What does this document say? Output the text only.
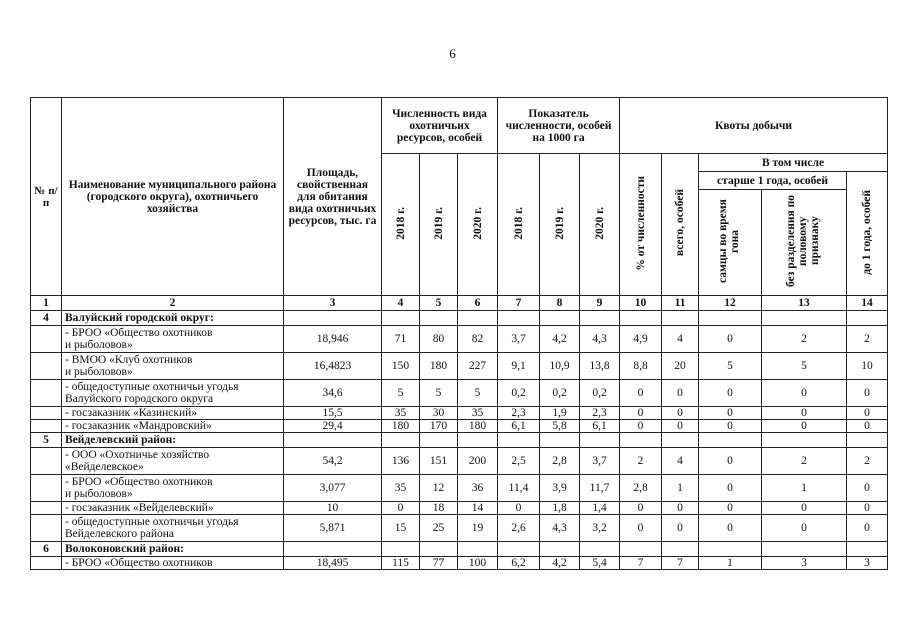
6
№ п/п	Наименование муниципального района (городского округа), охотничьего хозяйства	Площадь, свойственная для обитания вида охотничьих ресурсов, тыс. га	Численность вида охотничьих ресурсов, особей			Показатель численности, особей на 1000 га			Квоты добычи				
			2018 г.	2019 г.	2020 г.	2018 г.	2019 г.	2020 г.	% от численности	всего, особей	В том числе		
											старше 1 года, особей		до 1 года, особей
											самцы во время гона	без разделения по половому признаку	
1	2	3	4	5	6	7	8	9	10	11	12	13	14
4	Валуйский городской округ:												

	- БРОО «Общество охотников
и рыболовов»	18,946	71	80	82	3,7	4,2	4,3	4,9	4	0	2	2

	- ВМОО «Клуб охотников
и рыболовов»	16,4823	150	180	227	9,1	10,9	13,8	8,8	20	5	5	10

	- общедоступные охотничьи угодья
Валуйского городского округа	34,6	5	5	5	0,2	0,2	0,2	0	0	0	0	0

	- госзаказник «Казинский»	15,5	35	30	35	2,3	1,9	2,3	0	0	0	0	0

	- госзаказник «Мандровский»	29,4	180	170	180	6,1	5,8	6,1	0	0	0	0	0
5	Вейделевский район:												

	- ООО «Охотничье хозяйство
«Вейделевское»	54,2	136	151	200	2,5	2,8	3,7	2	4	0	2	2

	- БРОО «Общество охотников
и рыболовов»	3,077	35	12	36	11,4	3,9	11,7	2,8	1	0	1	0

	- госзаказник «Вейделевский»	10	0	18	14	0	1,8	1,4	0	0	0	0	0

	- общедоступные охотничьи угодья
Вейделевского района	5,871	15	25	19	2,6	4,3	3,2	0	0	0	0	0
6	Волоконовский район:												

	- БРОО «Общество охотников	18,495	115	77	100	6,2	4,2	5,4	7	7	1	3	3
